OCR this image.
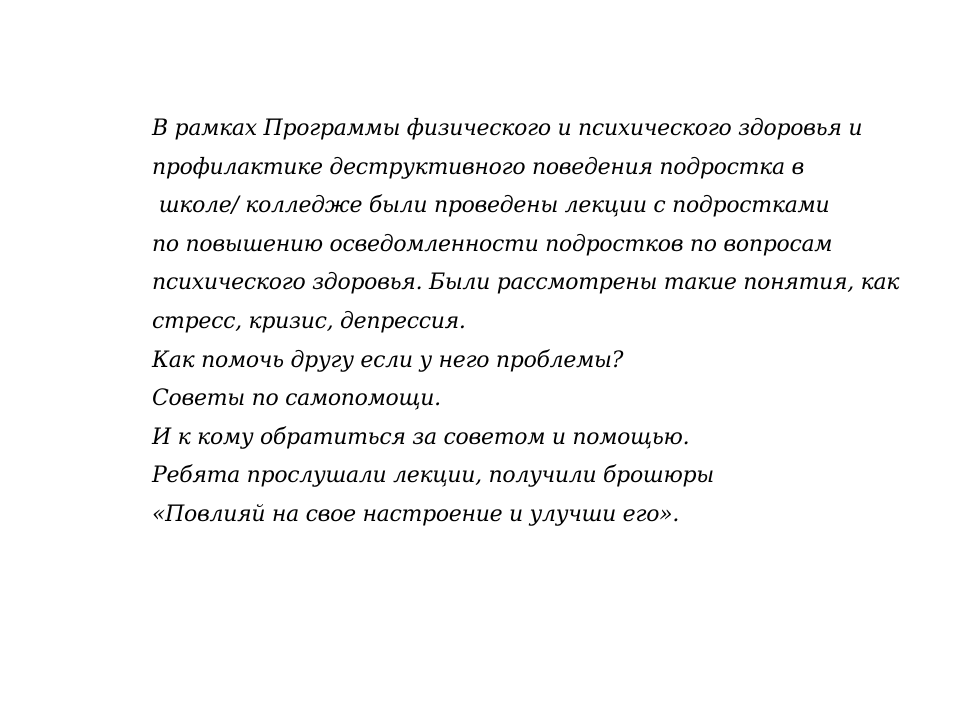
В рамках Программы физического и психического здоровья и
профилактике деструктивного поведения подростка в
школе/ колледже были проведены лекции с подростками
по повышению осведомленности подростков по вопросам
психического здоровья. Были рассмотрены такие понятия, как
стресс, кризис, депрессия.
Как помочь другу если у него проблемы?
Советы по самопомощи.
И к кому обратиться за советом и помощью.
Ребята прослушали лекции, получили брошюры
«Повлияй на свое настроение и улучши его».
